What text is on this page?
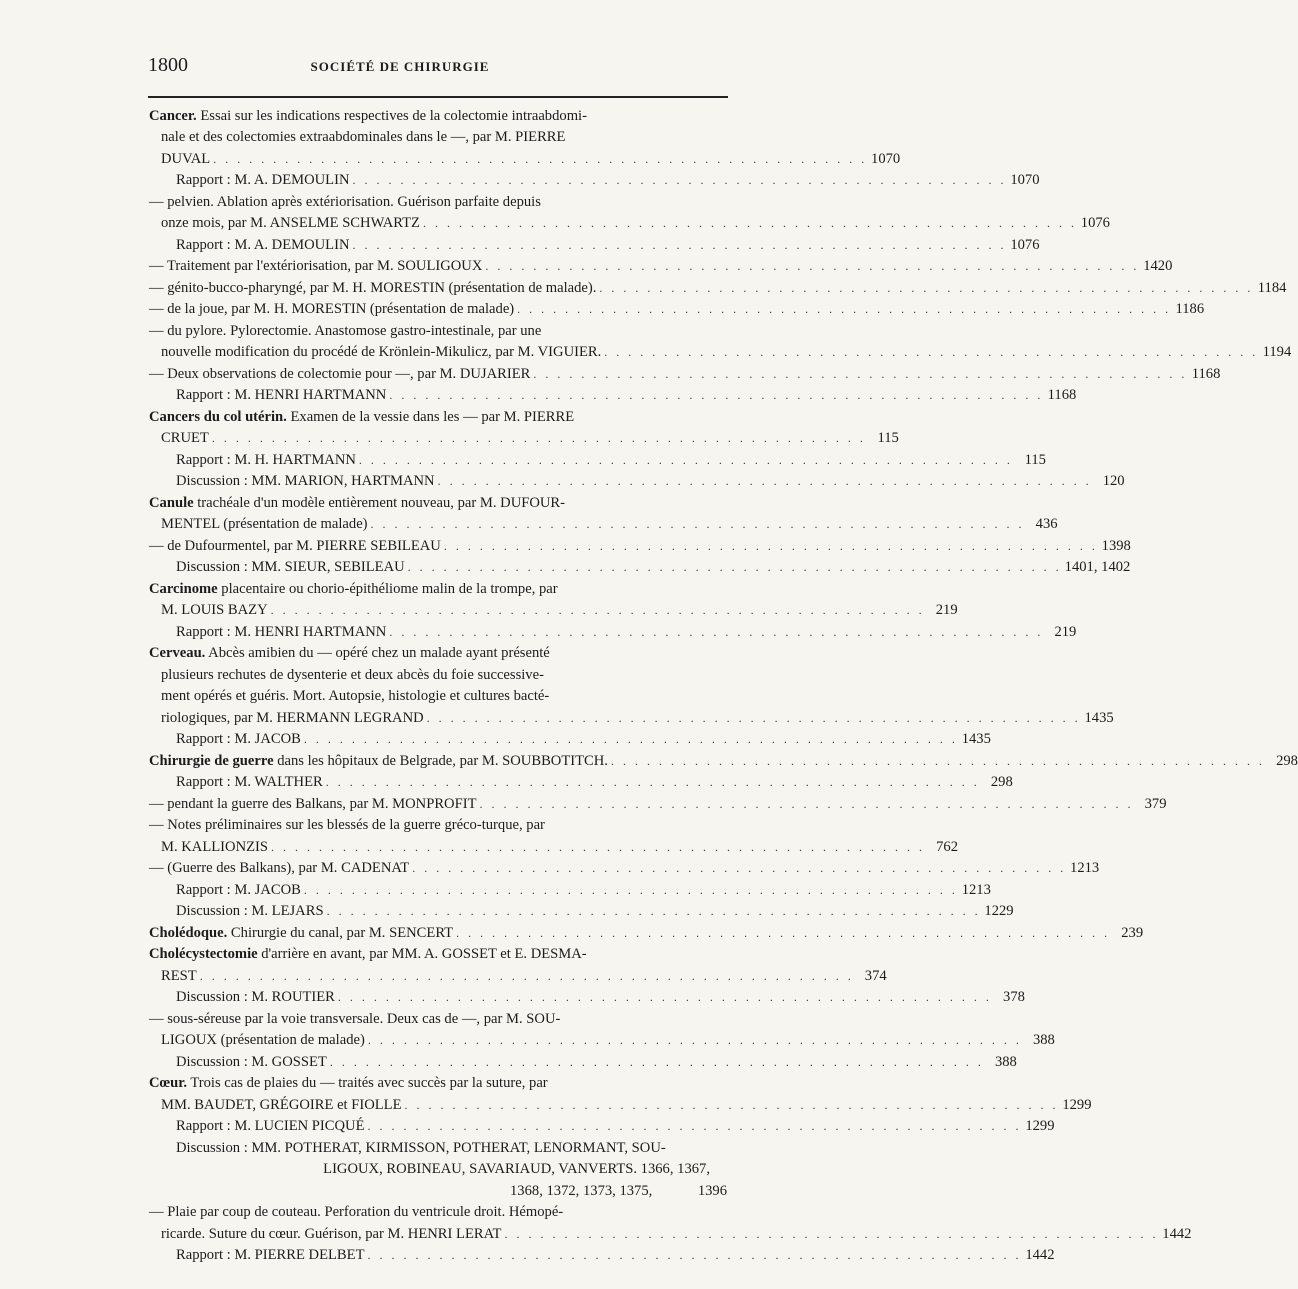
1800	SOCIÉTÉ DE CHIRURGIE
Cancer. Essai sur les indications respectives de la colectomie intraabdomi-
nale et des colectomies extraabdominales dans le —, par M. PIERRE
DUVAL . . . . . . . . . . . . . . . . . . . . . . . . . . . . . . . . . . . . . . . . . . . . . . . . . . . . . . . 1070
Rapport : M. A. DEMOULIN . . . . . . . . . . . . . . . . . . . . . . . . . . . . . . . . . . . . . . . . . . . . . . . . . . . . . . . 1070
— pelvien. Ablation après extériorisation. Guérison parfaite depuis
onze mois, par M. ANSELME SCHWARTZ . . . . . . . . . . . . . . . . . . . . . . . . . . . . . . . . . . . . . . . . . . . . . . . . . . . . . . . 1076
Rapport : M. A. DEMOULIN . . . . . . . . . . . . . . . . . . . . . . . . . . . . . . . . . . . . . . . . . . . . . . . . . . . . . . . 1076
— Traitement par l'extériorisation, par M. SOULIGOUX . . . . . . . . . . . . . . . . . . . . . . . . . . . . . . . . . . . . . . . . . . . . . . . . . . . . . . . 1420
— génito-bucco-pharyngé, par M. H. MORESTIN (présentation de malade). . . . . . . . . . . . . . . . . . . . . . . . . . . . . . . . . . . . . . . . . . . . . . . . . . . . . . . . 1184
— de la joue, par M. H. MORESTIN (présentation de malade) . . . . . . . . . . . . . . . . . . . . . . . . . . . . . . . . . . . . . . . . . . . . . . . . . . . . . . . 1186
— du pylore. Pylorectomie. Anastomose gastro-intestinale, par une
nouvelle modification du procédé de Krönlein-Mikulicz, par M. VIGUIER. . . . . . . . . . . . . . . . . . . . . . . . . . . . . . . . . . . . . . . . . . . . . . . . . . . . . . . . 1194
— Deux observations de colectomie pour —, par M. DUJARIER . . . . . . . . . . . . . . . . . . . . . . . . . . . . . . . . . . . . . . . . . . . . . . . . . . . . . . . 1168
Rapport : M. HENRI HARTMANN . . . . . . . . . . . . . . . . . . . . . . . . . . . . . . . . . . . . . . . . . . . . . . . . . . . . . . . 1168
Cancers du col utérin. Examen de la vessie dans les — par M. PIERRE
CRUET . . . . . . . . . . . . . . . . . . . . . . . . . . . . . . . . . . . . . . . . . . . . . . . . . . . . . . . 115
Rapport : M. H. HARTMANN . . . . . . . . . . . . . . . . . . . . . . . . . . . . . . . . . . . . . . . . . . . . . . . . . . . . . . . 115
Discussion : MM. MARION, HARTMANN . . . . . . . . . . . . . . . . . . . . . . . . . . . . . . . . . . . . . . . . . . . . . . . . . . . . . . . 120
Canule trachéale d'un modèle entièrement nouveau, par M. DUFOUR-
MENTEL (présentation de malade) . . . . . . . . . . . . . . . . . . . . . . . . . . . . . . . . . . . . . . . . . . . . . . . . . . . . . . . 436
— de Dufourmentel, par M. PIERRE SEBILEAU . . . . . . . . . . . . . . . . . . . . . . . . . . . . . . . . . . . . . . . . . . . . . . . . . . . . . . . 1398
Discussion : MM. SIEUR, SEBILEAU . . . . . . . . . . . . . . . . . . . . . . . . . . . . . . . . . . . . . . . . . . . . . . . . . . . . . . . 1401, 1402
Carcinome placentaire ou chorio-épithéliome malin de la trompe, par
M. LOUIS BAZY . . . . . . . . . . . . . . . . . . . . . . . . . . . . . . . . . . . . . . . . . . . . . . . . . . . . . . . 219
Rapport : M. HENRI HARTMANN . . . . . . . . . . . . . . . . . . . . . . . . . . . . . . . . . . . . . . . . . . . . . . . . . . . . . . . 219
Cerveau. Abcès amibien du — opéré chez un malade ayant présenté
plusieurs rechutes de dysenterie et deux abcès du foie successive-
ment opérés et guéris. Mort. Autopsie, histologie et cultures bacté-
riologiques, par M. HERMANN LEGRAND . . . . . . . . . . . . . . . . . . . . . . . . . . . . . . . . . . . . . . . . . . . . . . . . . . . . . . . 1435
Rapport : M. JACOB . . . . . . . . . . . . . . . . . . . . . . . . . . . . . . . . . . . . . . . . . . . . . . . . . . . . . . . 1435
Chirurgie de guerre dans les hôpitaux de Belgrade, par M. SOUBBOTITCH. . . . . . . . . . . . . . . . . . . . . . . . . . . . . . . . . . . . . . . . . . . . . . . . . . . . . . . . 298
Rapport : M. WALTHER . . . . . . . . . . . . . . . . . . . . . . . . . . . . . . . . . . . . . . . . . . . . . . . . . . . . . . . 298
— pendant la guerre des Balkans, par M. MONPROFIT . . . . . . . . . . . . . . . . . . . . . . . . . . . . . . . . . . . . . . . . . . . . . . . . . . . . . . . 379
— Notes préliminaires sur les blessés de la guerre gréco-turque, par
M. KALLIONZIS . . . . . . . . . . . . . . . . . . . . . . . . . . . . . . . . . . . . . . . . . . . . . . . . . . . . . . . 762
— (Guerre des Balkans), par M. CADENAT . . . . . . . . . . . . . . . . . . . . . . . . . . . . . . . . . . . . . . . . . . . . . . . . . . . . . . . 1213
Rapport : M. JACOB . . . . . . . . . . . . . . . . . . . . . . . . . . . . . . . . . . . . . . . . . . . . . . . . . . . . . . . 1213
Discussion : M. LEJARS . . . . . . . . . . . . . . . . . . . . . . . . . . . . . . . . . . . . . . . . . . . . . . . . . . . . . . . 1229
Cholédoque. Chirurgie du canal, par M. SENCERT . . . . . . . . . . . . . . . . . . . . . . . . . . . . . . . . . . . . . . . . . . . . . . . . . . . . . . . 239
Cholécystectomie d'arrière en avant, par MM. A. GOSSET et E. DESMA-
REST . . . . . . . . . . . . . . . . . . . . . . . . . . . . . . . . . . . . . . . . . . . . . . . . . . . . . . . 374
Discussion : M. ROUTIER . . . . . . . . . . . . . . . . . . . . . . . . . . . . . . . . . . . . . . . . . . . . . . . . . . . . . . . 378
— sous-séreuse par la voie transversale. Deux cas de —, par M. SOU-
LIGOUX (présentation de malade) . . . . . . . . . . . . . . . . . . . . . . . . . . . . . . . . . . . . . . . . . . . . . . . . . . . . . . . 388
Discussion : M. GOSSET . . . . . . . . . . . . . . . . . . . . . . . . . . . . . . . . . . . . . . . . . . . . . . . . . . . . . . . 388
Cœur. Trois cas de plaies du — traités avec succès par la suture, par
MM. BAUDET, GRÉGOIRE et FIOLLE . . . . . . . . . . . . . . . . . . . . . . . . . . . . . . . . . . . . . . . . . . . . . . . . . . . . . . . 1299
Rapport : M. LUCIEN PICQUÉ . . . . . . . . . . . . . . . . . . . . . . . . . . . . . . . . . . . . . . . . . . . . . . . . . . . . . . . 1299
Discussion : MM. POTHERAT, KIRMISSON, POTHERAT, LENORMANT, SOU-
LIGOUX, ROBINEAU, SAVARIAUD, VANVERTS. 1366, 1367,
1368, 1372, 1373, 1375,	1396
— Plaie par coup de couteau. Perforation du ventricule droit. Hémopé-
ricarde. Suture du cœur. Guérison, par M. HENRI LERAT . . . . . . . . . . . . . . . . . . . . . . . . . . . . . . . . . . . . . . . . . . . . . . . . . . . . . . . 1442
Rapport : M. PIERRE DELBET . . . . . . . . . . . . . . . . . . . . . . . . . . . . . . . . . . . . . . . . . . . . . . . . . . . . . . . 1442
